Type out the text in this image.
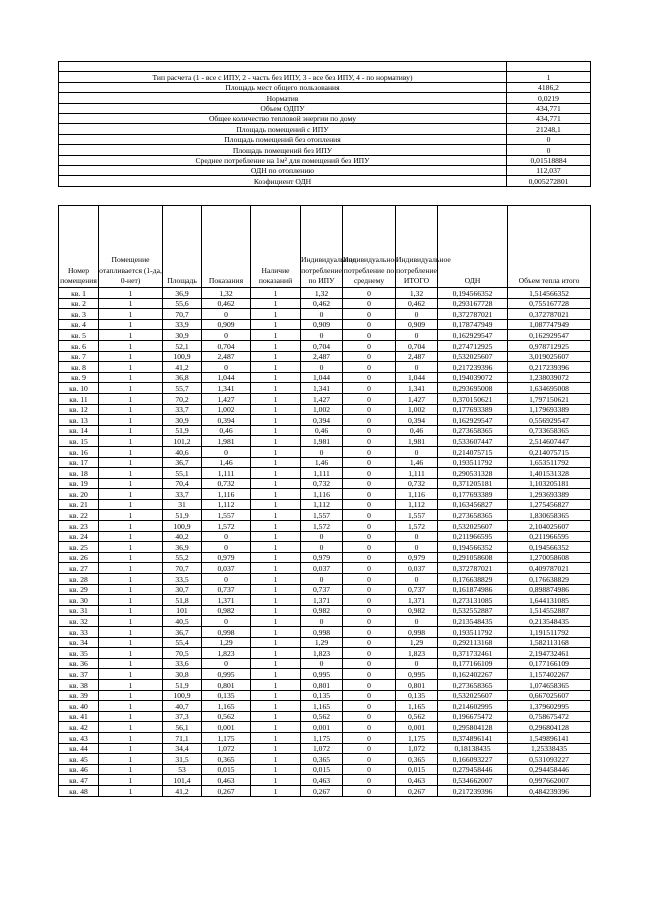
Тип расчета (1 - все с ИПУ, 2 - часть без ИПУ, 3 - все без ИПУ, 4 - по нормативу)	1
Площадь мест общего пользования	4186,2
Норматив	0,0219
Объем ОДПУ	434,771
Общее количество тепловой энергии по дому	434,771
Площадь помещений с ИПУ	21248,1
Площадь помещений без отопления	0
Площадь помещений без ИПУ	0
Среднее потребление на 1м² для помещений без ИПУ	0,01518884
ОДН по отоплению	112,037
Коэфициент ОДН	0,005272801
Номер помещения	Помещение отапливается (1-да, 0-нет)	Площадь	Показания	Наличие показаний	Индивидуальное потребление по ИПУ	Индивидуальное потребление по среднему	Индивидуальное потребление ИТОГО	ОДН	Объем тепла итого
кв. 1	1	36,9	1,32	1	1,32	0	1,32	0,194566352	1,514566352
кв. 2	1	55,6	0,462	1	0,462	0	0,462	0,293167728	0,755167728
кв. 3	1	70,7	0	1	0	0	0	0,372787021	0,372787021
кв. 4	1	33,9	0,909	1	0,909	0	0,909	0,178747949	1,087747949
кв. 5	1	30,9	0	1	0	0	0	0,162929547	0,162929547
кв. 6	1	52,1	0,704	1	0,704	0	0,704	0,274712925	0,978712925
кв. 7	1	100,9	2,487	1	2,487	0	2,487	0,532025607	3,019025607
кв. 8	1	41,2	0	1	0	0	0	0,217239396	0,217239396
кв. 9	1	36,8	1,044	1	1,044	0	1,044	0,194039072	1,238039072
кв. 10	1	55,7	1,341	1	1,341	0	1,341	0,293695008	1,634695008
кв. 11	1	70,2	1,427	1	1,427	0	1,427	0,370150621	1,797150621
кв. 12	1	33,7	1,002	1	1,002	0	1,002	0,177693389	1,179693389
кв. 13	1	30,9	0,394	1	0,394	0	0,394	0,162929547	0,556929547
кв. 14	1	51,9	0,46	1	0,46	0	0,46	0,273658365	0,733658365
кв. 15	1	101,2	1,981	1	1,981	0	1,981	0,533607447	2,514607447
кв. 16	1	40,6	0	1	0	0	0	0,214075715	0,214075715
кв. 17	1	36,7	1,46	1	1,46	0	1,46	0,193511792	1,653511792
кв. 18	1	55,1	1,111	1	1,111	0	1,111	0,290531328	1,401531328
кв. 19	1	70,4	0,732	1	0,732	0	0,732	0,371205181	1,103205181
кв. 20	1	33,7	1,116	1	1,116	0	1,116	0,177693389	1,293693389
кв. 21	1	31	1,112	1	1,112	0	1,112	0,163456827	1,275456827
кв. 22	1	51,9	1,557	1	1,557	0	1,557	0,273658365	1,830658365
кв. 23	1	100,9	1,572	1	1,572	0	1,572	0,532025607	2,104025607
кв. 24	1	40,2	0	1	0	0	0	0,211966595	0,211966595
кв. 25	1	36,9	0	1	0	0	0	0,194566352	0,194566352
кв. 26	1	55,2	0,979	1	0,979	0	0,979	0,291058608	1,270058608
кв. 27	1	70,7	0,037	1	0,037	0	0,037	0,372787021	0,409787021
кв. 28	1	33,5	0	1	0	0	0	0,176638829	0,176638829
кв. 29	1	30,7	0,737	1	0,737	0	0,737	0,161874986	0,898874986
кв. 30	1	51,8	1,371	1	1,371	0	1,371	0,273131085	1,644131085
кв. 31	1	101	0,982	1	0,982	0	0,982	0,532552887	1,514552887
кв. 32	1	40,5	0	1	0	0	0	0,213548435	0,213548435
кв. 33	1	36,7	0,998	1	0,998	0	0,998	0,193511792	1,191511792
кв. 34	1	55,4	1,29	1	1,29	0	1,29	0,292113168	1,582113168
кв. 35	1	70,5	1,823	1	1,823	0	1,823	0,371732461	2,194732461
кв. 36	1	33,6	0	1	0	0	0	0,177166109	0,177166109
кв. 37	1	30,8	0,995	1	0,995	0	0,995	0,162402267	1,157402267
кв. 38	1	51,9	0,801	1	0,801	0	0,801	0,273658365	1,074658365
кв. 39	1	100,9	0,135	1	0,135	0	0,135	0,532025607	0,667025607
кв. 40	1	40,7	1,165	1	1,165	0	1,165	0,214602995	1,379602995
кв. 41	1	37,3	0,562	1	0,562	0	0,562	0,196675472	0,758675472
кв. 42	1	56,1	0,001	1	0,001	0	0,001	0,295804128	0,296804128
кв. 43	1	71,1	1,175	1	1,175	0	1,175	0,374896141	1,549896141
кв. 44	1	34,4	1,072	1	1,072	0	1,072	0,18138435	1,25338435
кв. 45	1	31,5	0,365	1	0,365	0	0,365	0,166093227	0,531093227
кв. 46	1	53	0,015	1	0,015	0	0,015	0,279458446	0,294458446
кв. 47	1	101,4	0,463	1	0,463	0	0,463	0,534662007	0,997662007
кв. 48	1	41,2	0,267	1	0,267	0	0,267	0,217239396	0,484239396
